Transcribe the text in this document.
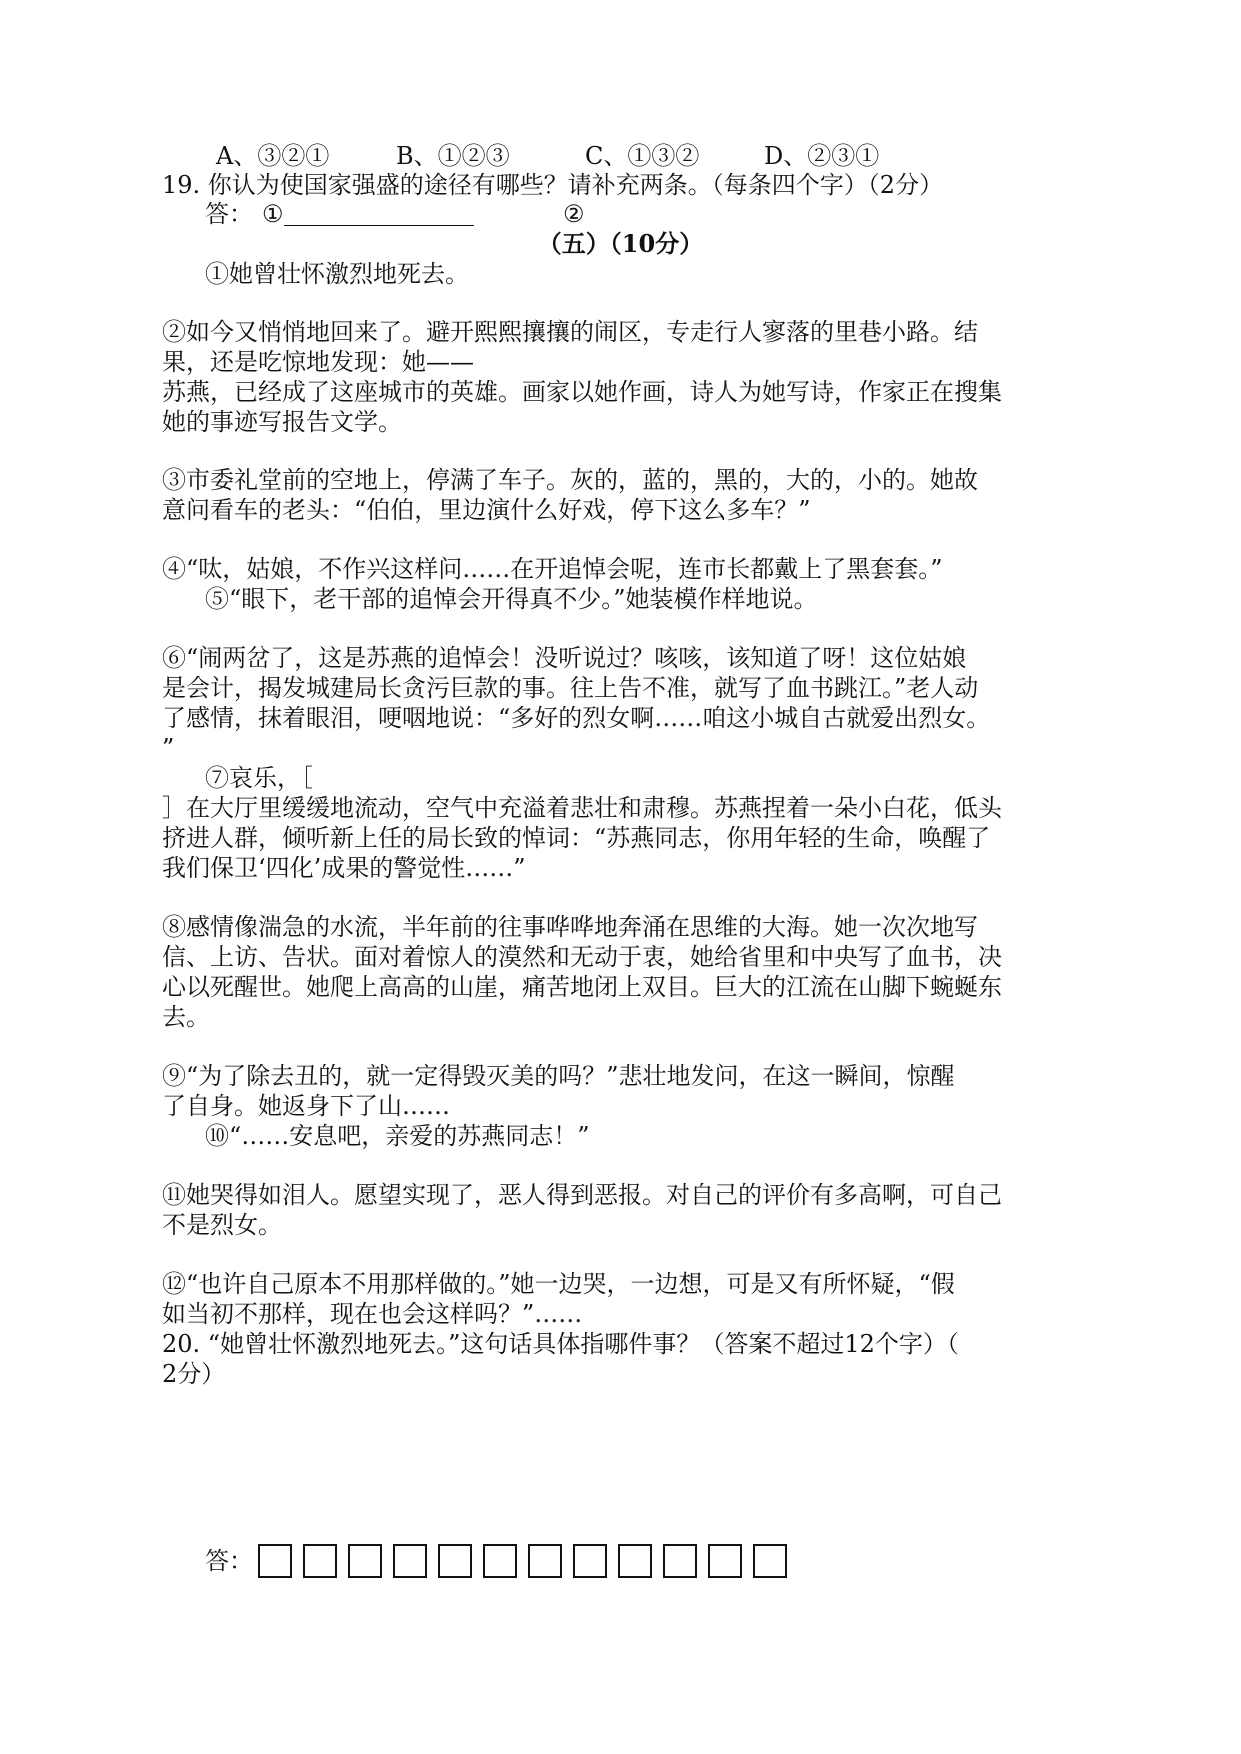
A、③②①	B、①②③	C、①③②	D、②③①
19. 你认为使国家强盛的途径有哪些？请补充两条。（每条四个字）（2分）
答： ①	②
（五）（10分）
①她曾壮怀激烈地死去。
②如今又悄悄地回来了。避开熙熙攘攘的闹区，专走行人寥落的里巷小路。结
果，还是吃惊地发现：她——
苏燕，已经成了这座城市的英雄。画家以她作画，诗人为她写诗，作家正在搜集
她的事迹写报告文学。
③市委礼堂前的空地上，停满了车子。灰的，蓝的，黑的，大的，小的。她故
意问看车的老头：“伯伯，里边演什么好戏，停下这么多车？”
④“呔，姑娘，不作兴这样问……在开追悼会呢，连市长都戴上了黑套套。”
⑤“眼下，老干部的追悼会开得真不少。”她装模作样地说。
⑥“闹两岔了，这是苏燕的追悼会！没听说过？咳咳，该知道了呀！这位姑娘
是会计，揭发城建局长贪污巨款的事。往上告不准，就写了血书跳江。”老人动
了感情，抹着眼泪，哽咽地说：“多好的烈女啊……咱这小城自古就爱出烈女。
”
⑦哀乐，［
］在大厅里缓缓地流动，空气中充溢着悲壮和肃穆。苏燕捏着一朵小白花，低头
挤进人群，倾听新上任的局长致的悼词：“苏燕同志，你用年轻的生命，唤醒了
我们保卫‘四化’成果的警觉性……”
⑧感情像湍急的水流，半年前的往事哗哗地奔涌在思维的大海。她一次次地写
信、上访、告状。面对着惊人的漠然和无动于衷，她给省里和中央写了血书，决
心以死醒世。她爬上高高的山崖，痛苦地闭上双目。巨大的江流在山脚下蜿蜒东
去。
⑨“为了除去丑的，就一定得毁灭美的吗？”悲壮地发问，在这一瞬间，惊醒
了自身。她返身下了山……
⑩“……安息吧，亲爱的苏燕同志！”
⑪她哭得如泪人。愿望实现了，恶人得到恶报。对自己的评价有多高啊，可自己
不是烈女。
⑫“也许自己原本不用那样做的。”她一边哭，一边想，可是又有所怀疑，“假
如当初不那样，现在也会这样吗？”……
20. “她曾壮怀激烈地死去。”这句话具体指哪件事？（答案不超过12个字）（
2分）
答：
